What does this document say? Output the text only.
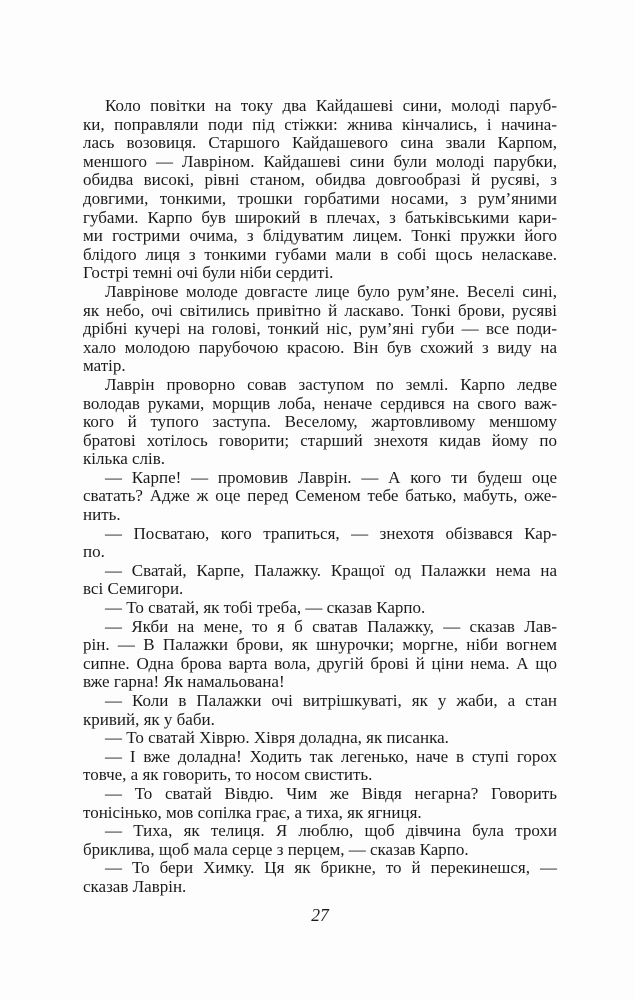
Коло повітки на току два Кайдашеві сини, молоді паруб-
ки, поправляли поди під стіжки: жнива кінчались, і начина-
лась возовиця. Старшого Кайдашевого сина звали Карпом,
меншого — Лавріном. Кайдашеві сини були молоді парубки,
обидва високі, рівні станом, обидва довгообразі й русяві, з
довгими, тонкими, трошки горбатими носами, з рум’яними
губами. Карпо був широкий в плечах, з батьківськими кари-
ми гострими очима, з блідуватим лицем. Тонкі пружки його
блідого лиця з тонкими губами мали в собі щось неласкаве.
Гострі темні очі були ніби сердиті.
Лаврінове молоде довгасте лице було рум’яне. Веселі сині,
як небо, очі світились привітно й ласкаво. Тонкі брови, русяві
дрібні кучері на голові, тонкий ніс, рум’яні губи — все поди-
хало молодою парубочою красою. Він був схожий з виду на
матір.
Лаврін проворно совав заступом по землі. Карпо ледве
володав руками, морщив лоба, неначе сердився на свого важ-
кого й тупого заступа. Веселому, жартовливому меншому
братові хотілось говорити; старший знехотя кидав йому по
кілька слів.
— Карпе! — промовив Лаврін. — А кого ти будеш оце
сватать? Адже ж оце перед Семеном тебе батько, мабуть, оже-
нить.
— Посватаю, кого трапиться, — знехотя обізвався Кар-
по.
— Сватай, Карпе, Палажку. Кращої од Палажки нема на
всі Семигори.
— То сватай, як тобі треба, — сказав Карпо.
— Якби на мене, то я б сватав Палажку, — сказав Лав-
рін. — В Палажки брови, як шнурочки; моргне, ніби вогнем
сипне. Одна брова варта вола, другій брові й ціни нема. А що
вже гарна! Як намальована!
— Коли в Палажки очі витрішкуваті, як у жаби, а стан
кривий, як у баби.
— То сватай Хіврю. Хівря доладна, як писанка.
— І вже доладна! Ходить так легенько, наче в ступі горох
товче, а як говорить, то носом свистить.
— То сватай Вівдю. Чим же Вівдя негарна? Говорить
тонісінько, мов сопілка грає, а тиха, як ягниця.
— Тиха, як телиця. Я люблю, щоб дівчина була трохи
бриклива, щоб мала серце з перцем, — сказав Карпо.
— То бери Химку. Ця як брикне, то й перекинешся, —
сказав Лаврін.
27
